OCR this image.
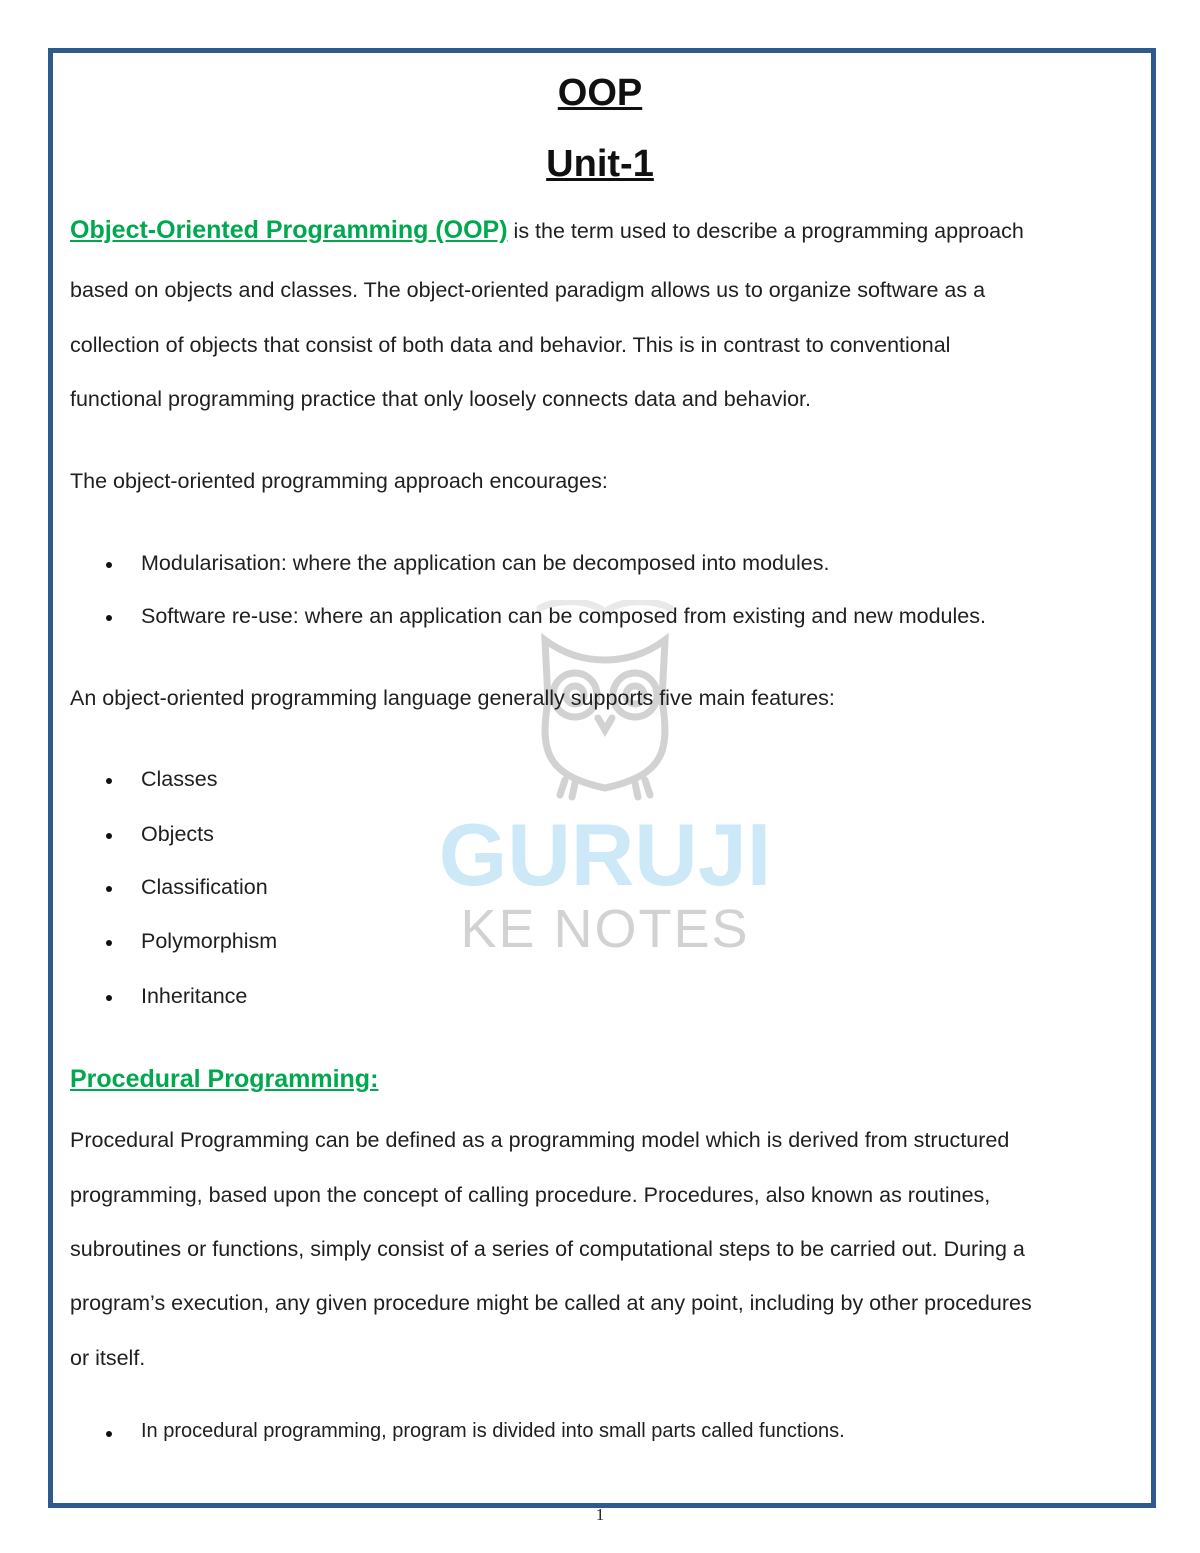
GURUJI
KE NOTES
OOP
Unit-1
Object-Oriented Programming (OOP) is the term used to describe a programming approach
based on objects and classes. The object-oriented paradigm allows us to organize software as a
collection of objects that consist of both data and behavior. This is in contrast to conventional
functional programming practice that only loosely connects data and behavior.
The object-oriented programming approach encourages:
Modularisation: where the application can be decomposed into modules.
Software re-use: where an application can be composed from existing and new modules.
An object-oriented programming language generally supports five main features:
Classes
Objects
Classification
Polymorphism
Inheritance
Procedural Programming:
Procedural Programming can be defined as a programming model which is derived from structured
programming, based upon the concept of calling procedure. Procedures, also known as routines,
subroutines or functions, simply consist of a series of computational steps to be carried out. During a
program’s execution, any given procedure might be called at any point, including by other procedures
or itself.
In procedural programming, program is divided into small parts called functions.
1
